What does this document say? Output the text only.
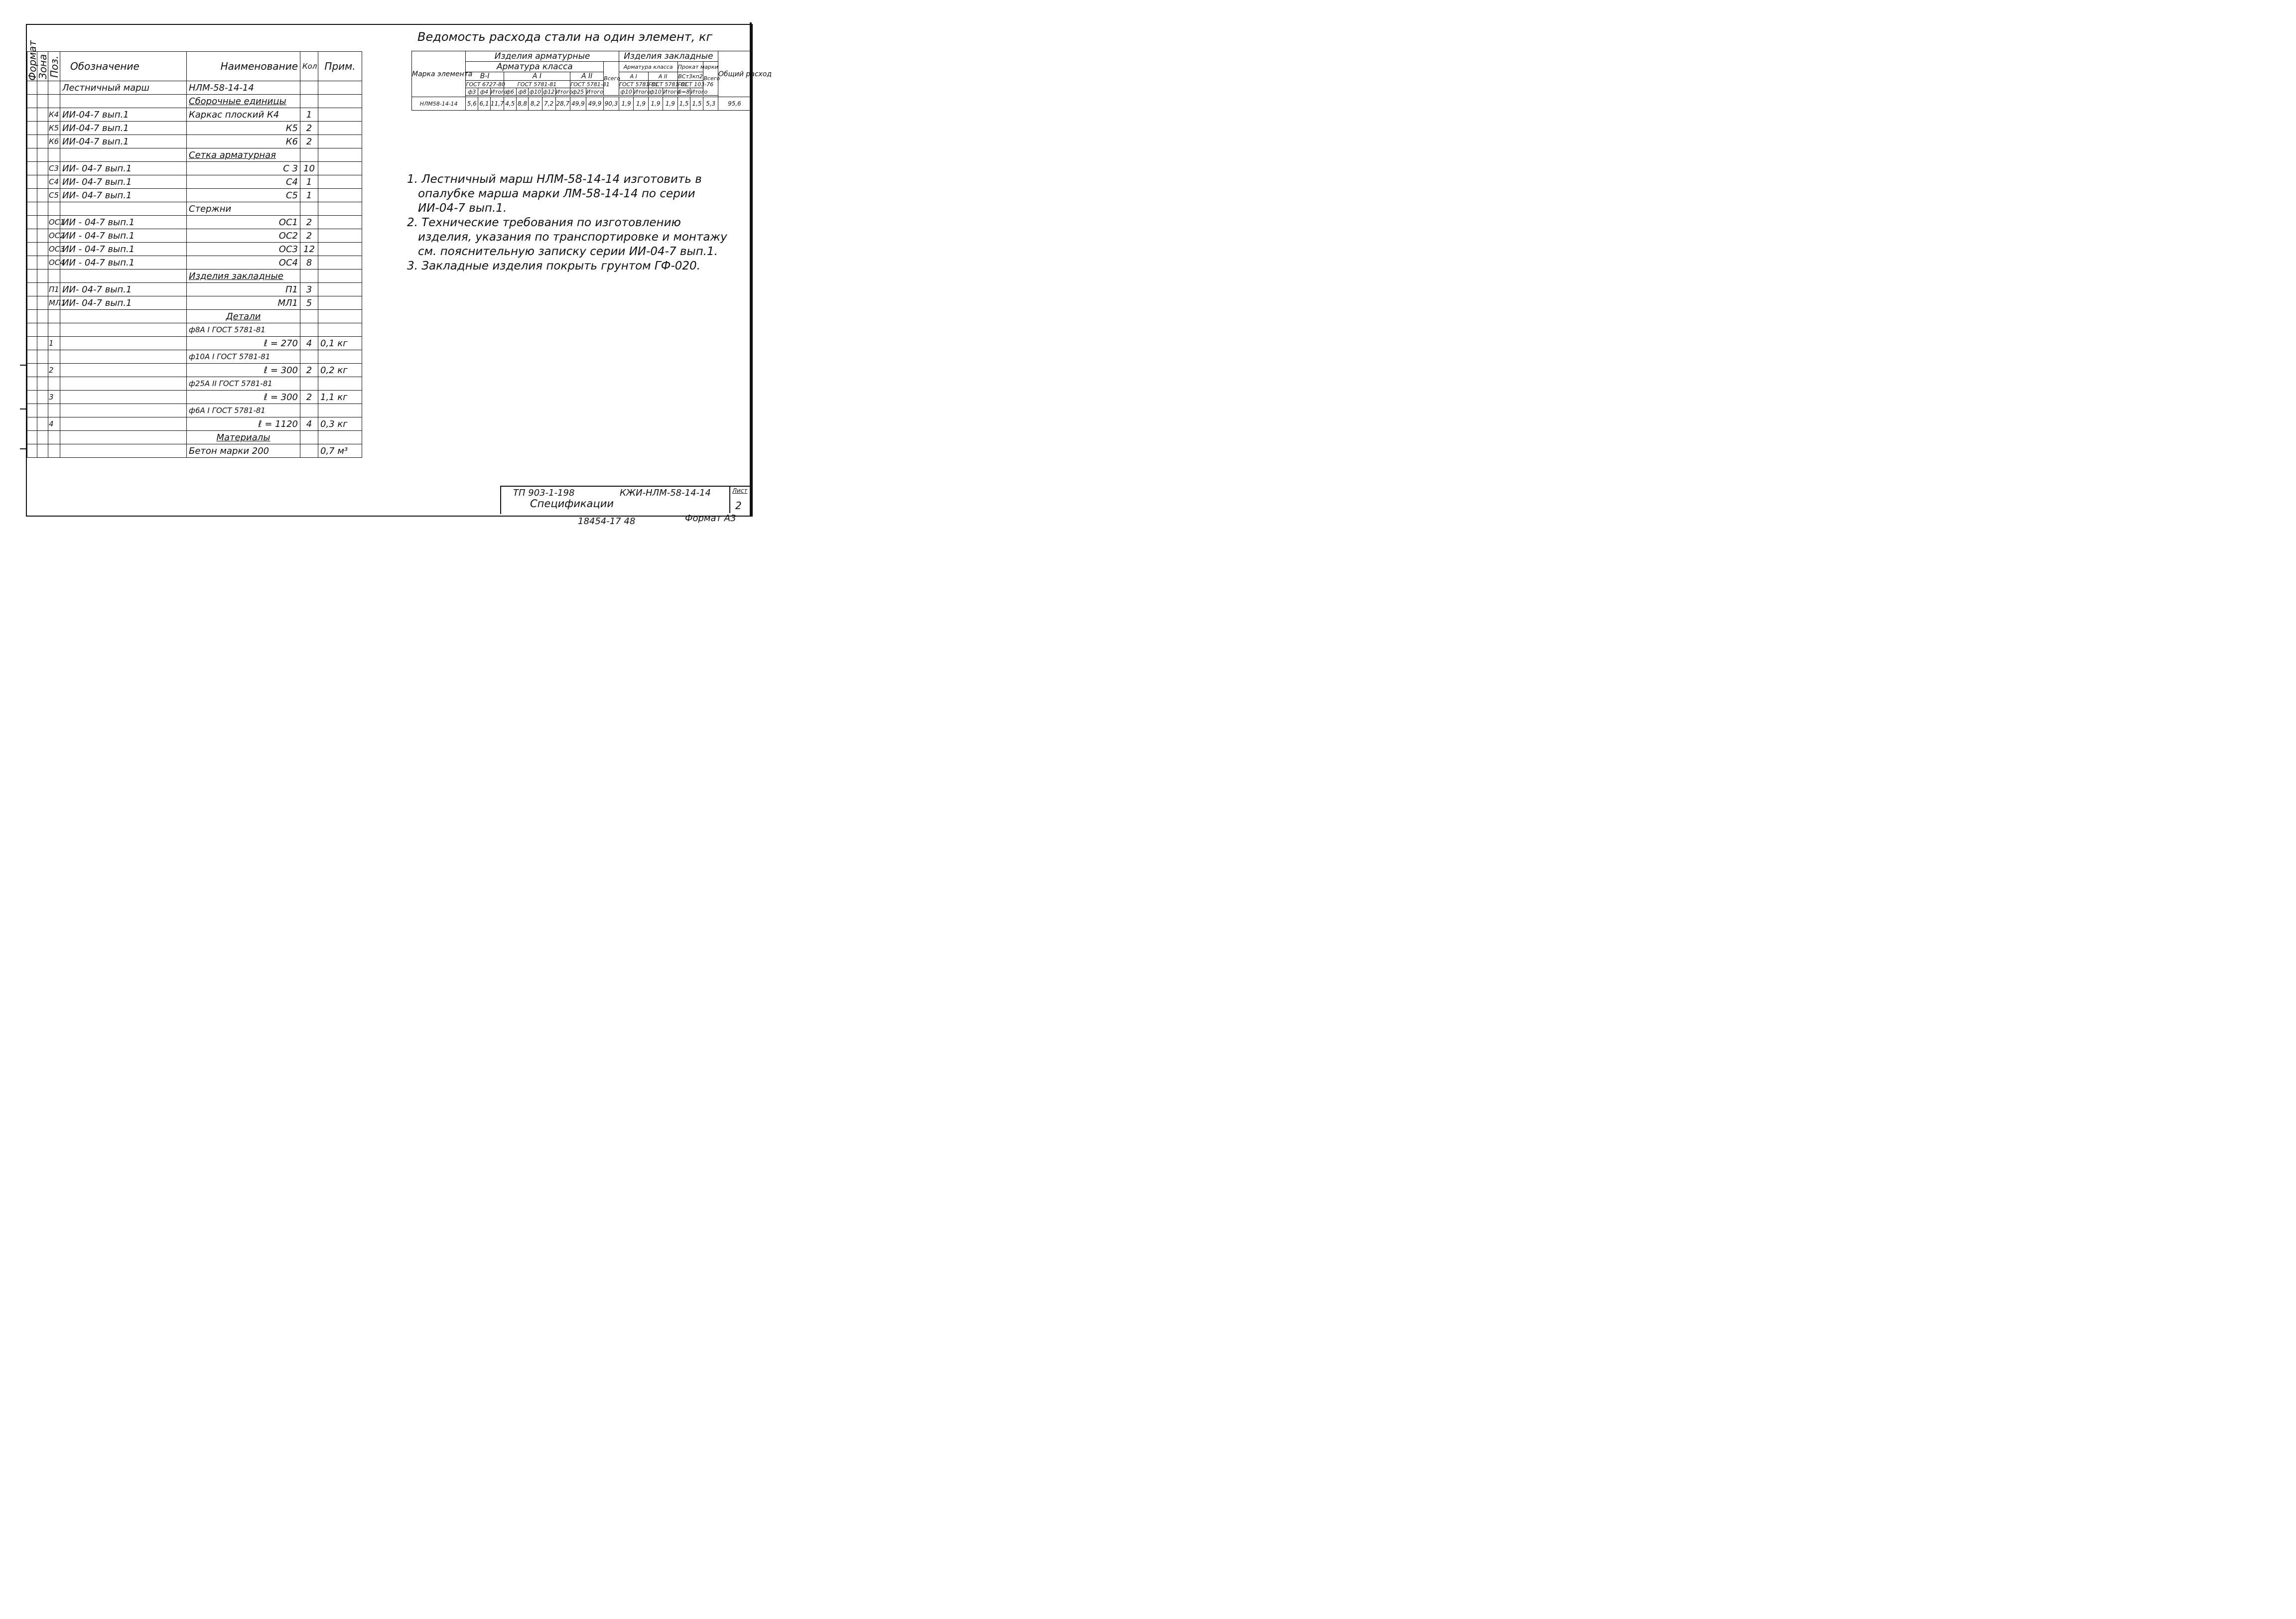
Формат	Зона	Поз.	Обозначение	Наименование	Кол	Прим.
			Лестничный марш	НЛМ-58-14-14		
				Сборочные единицы		
		К4	ИИ-04-7 вып.1	Каркас плоский К4	1	
		К5	ИИ-04-7 вып.1	К5	2	
		К6	ИИ-04-7 вып.1	К6	2	
				Сетка арматурная		
		С3	ИИ- 04-7 вып.1	С 3	10	
		С4	ИИ- 04-7 вып.1	С4	1	
		С5	ИИ- 04-7 вып.1	С5	1	
				Стержни		
		ОС1	ИИ - 04-7 вып.1	ОС1	2	
		ОС2	ИИ - 04-7 вып.1	ОС2	2	
		ОС3	ИИ - 04-7 вып.1	ОС3	12	
		ОС4	ИИ - 04-7 вып.1	ОС4	8	
				Изделия закладные		
		П1	ИИ- 04-7 вып.1	П1	3	
		МЛ1	ИИ- 04-7 вып.1	МЛ1	5	
				Детали		
				ф8А I ГОСТ 5781-81		
		1		ℓ = 270	4	0,1 кг
				ф10А I ГОСТ 5781-81		
		2		ℓ = 300	2	0,2 кг
				ф25А II ГОСТ 5781-81		
		3		ℓ = 300	2	1,1 кг
				ф6А I ГОСТ 5781-81		
		4		ℓ = 1120	4	0,3 кг
				Материалы		
				Бетон марки 200		0,7 м³
Ведомость расхода стали на один элемент, кг
Марка элемента	Изделия арматурные											Изделия закладные							Общий расход
	Арматура класса										Всего	Арматура класса				Прокат марки		Всего	
	В-I			А I					А II			А I		А II		ВСт3кп2			
	ГОСТ 6727-80			ГОСТ 5781-81					ГОСТ 5781-81			ГОСТ 5781-81		ГОСТ 5781-81		ГОСТ 103-76			
	ф3	ф4	Итого	ф6	ф8	ф10	ф12	Итого	ф25	Итого		ф10	Итого	ф10	Итого	δ=8	Итого		

НЛМ58-14-14	5,6	6,1	11,7	4,5	8,8	8,2	7,2	28,7	49,9	49,9	90,3	1,9	1,9	1,9	1,9	1,5	1,5	5,3	95,6

1. Лестничный марш НЛМ-58-14-14 изготовить в опалубке марша марки ЛМ-58-14-14 по серии ИИ-04-7 вып.1.

2. Технические требования по изготовлению изделия, указания по транспортировке и монтажу см. пояснительную записку серии ИИ-04-7 вып.1.

3. Закладные изделия покрыть грунтом ГФ-020.

ТП 903-1-198	КЖИ-НЛМ-58-14-14
Спецификации
Лист
2
18454-17 48	Формат А3
